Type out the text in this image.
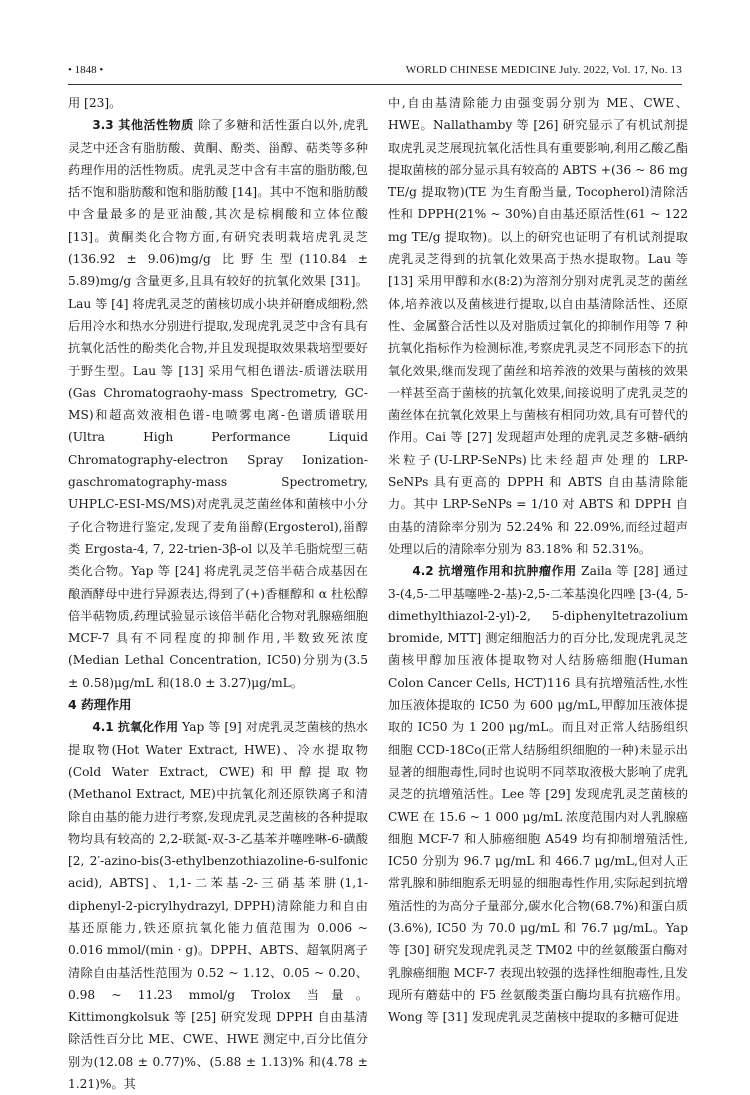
• 1848 •	WORLD CHINESE MEDICINE July. 2022, Vol. 17, No. 13

用 [23]。

3.3 其他活性物质 除了多糖和活性蛋白以外,虎乳灵芝中还含有脂肪酸、黄酮、酚类、甾醇、萜类等多种药理作用的活性物质。虎乳灵芝中含有丰富的脂肪酸,包括不饱和脂肪酸和饱和脂肪酸 [14]。其中不饱和脂肪酸中含量最多的是亚油酸,其次是棕榈酸和立体位酸 [13]。黄酮类化合物方面,有研究表明栽培虎乳灵芝(136.92 ± 9.06)mg/g 比野生型(110.84 ± 5.89)mg/g 含量更多,且具有较好的抗氧化效果 [31]。Lau 等 [4] 将虎乳灵芝的菌核切成小块并研磨成细粉,然后用冷水和热水分别进行提取,发现虎乳灵芝中含有具有抗氧化活性的酚类化合物,并且发现提取效果栽培型要好于野生型。Lau 等 [13] 采用气相色谱法-质谱法联用(Gas Chromatograohy-mass Spectrometry, GC-MS)和超高效液相色谱-电喷雾电离-色谱质谱联用(Ultra High Performance Liquid Chromatography-electron Spray Ionization-gaschromatography-mass Spectrometry, UHPLC-ESI-MS/MS)对虎乳灵芝菌丝体和菌核中小分子化合物进行鉴定,发现了麦角甾醇(Ergosterol),甾醇类 Ergosta-4, 7, 22-trien-3β-ol 以及羊毛脂烷型三萜类化合物。Yap 等 [24] 将虎乳灵芝倍半萜合成基因在酿酒酵母中进行异源表达,得到了(+)香榧醇和 α 杜松醇倍半萜物质,药理试验显示该倍半萜化合物对乳腺癌细胞 MCF-7 具有不同程度的抑制作用,半数致死浓度(Median Lethal Concentration, IC50)分别为(3.5 ± 0.58)μg/mL 和(18.0 ± 3.27)μg/mL。

4 药理作用

4.1 抗氧化作用 Yap 等 [9] 对虎乳灵芝菌核的热水提取物(Hot Water Extract, HWE)、冷水提取物(Cold Water Extract, CWE)和甲醇提取物(Methanol Extract, ME)中抗氧化剂还原铁离子和清除自由基的能力进行考察,发现虎乳灵芝菌核的各种提取物均具有较高的 2,2-联氮-双-3-乙基苯并噻唑啉-6-磺酸 [2, 2′-azino-bis(3-ethylbenzothiazoline-6-sulfonic acid), ABTS]、1,1-二苯基-2-三硝基苯肼(1,1-diphenyl-2-picrylhydrazyl, DPPH)清除能力和自由基还原能力,铁还原抗氧化能力值范围为 0.006 ~ 0.016 mmol/(min · g)。DPPH、ABTS、超氧阴离子清除自由基活性范围为 0.52 ~ 1.12、0.05 ~ 0.20、0.98 ~ 11.23 mmol/g Trolox 当量。Kittimongkolsuk 等 [25] 研究发现 DPPH 自由基清除活性百分比 ME、CWE、HWE 测定中,百分比值分别为(12.08 ± 0.77)%、(5.88 ± 1.13)% 和(4.78 ± 1.21)%。其

中,自由基清除能力由强变弱分别为 ME、CWE、HWE。Nallathamby 等 [26] 研究显示了有机试剂提取虎乳灵芝展现抗氧化活性具有重要影响,利用乙酸乙酯提取菌核的部分显示具有较高的 ABTS +(36 ~ 86 mg TE/g 提取物)(TE 为生育酚当量, Tocopherol)清除活性和 DPPH(21% ~ 30%)自由基还原活性(61 ~ 122 mg TE/g 提取物)。以上的研究也证明了有机试剂提取虎乳灵芝得到的抗氧化效果高于热水提取物。Lau 等 [13] 采用甲醇和水(8:2)为溶剂分别对虎乳灵芝的菌丝体,培养液以及菌核进行提取,以自由基清除活性、还原性、金属螯合活性以及对脂质过氧化的抑制作用等 7 种抗氧化指标作为检测标准,考察虎乳灵芝不同形态下的抗氧化效果,继而发现了菌丝和培养液的效果与菌核的效果一样甚至高于菌核的抗氧化效果,间接说明了虎乳灵芝的菌丝体在抗氧化效果上与菌核有相同功效,具有可替代的作用。Cai 等 [27] 发现超声处理的虎乳灵芝多糖-硒纳米粒子(U-LRP-SeNPs)比未经超声处理的 LRP-SeNPs 具有更高的 DPPH 和 ABTS 自由基清除能力。其中 LRP-SeNPs = 1/10 对 ABTS 和 DPPH 自由基的清除率分别为 52.24% 和 22.09%,而经过超声处理以后的清除率分别为 83.18% 和 52.31%。

4.2 抗增殖作用和抗肿瘤作用 Zaila 等 [28] 通过 3-(4,5-二甲基噻唑-2-基)-2,5-二苯基溴化四唑 [3-(4, 5-dimethylthiazol-2-yl)-2, 5-diphenyltetrazolium bromide, MTT] 测定细胞活力的百分比,发现虎乳灵芝菌核甲醇加压液体提取物对人结肠癌细胞(Human Colon Cancer Cells, HCT)116 具有抗增殖活性,水性加压液体提取的 IC50 为 600 μg/mL,甲醇加压液体提取的 IC50 为 1 200 μg/mL。而且对正常人结肠组织细胞 CCD-18Co(正常人结肠组织细胞的一种)未显示出显著的细胞毒性,同时也说明不同萃取液极大影响了虎乳灵芝的抗增殖活性。Lee 等 [29] 发现虎乳灵芝菌核的 CWE 在 15.6 ~ 1 000 μg/mL 浓度范围内对人乳腺癌细胞 MCF-7 和人肺癌细胞 A549 均有抑制增殖活性, IC50 分别为 96.7 μg/mL 和 466.7 μg/mL,但对人正常乳腺和肺细胞系无明显的细胞毒性作用,实际起到抗增殖活性的为高分子量部分,碳水化合物(68.7%)和蛋白质(3.6%), IC50 为 70.0 μg/mL 和 76.7 μg/mL。Yap 等 [30] 研究发现虎乳灵芝 TM02 中的丝氨酸蛋白酶对乳腺癌细胞 MCF-7 表现出较强的选择性细胞毒性,且发现所有蘑菇中的 F5 丝氨酸类蛋白酶均具有抗癌作用。Wong 等 [31] 发现虎乳灵芝菌核中提取的多糖可促进
